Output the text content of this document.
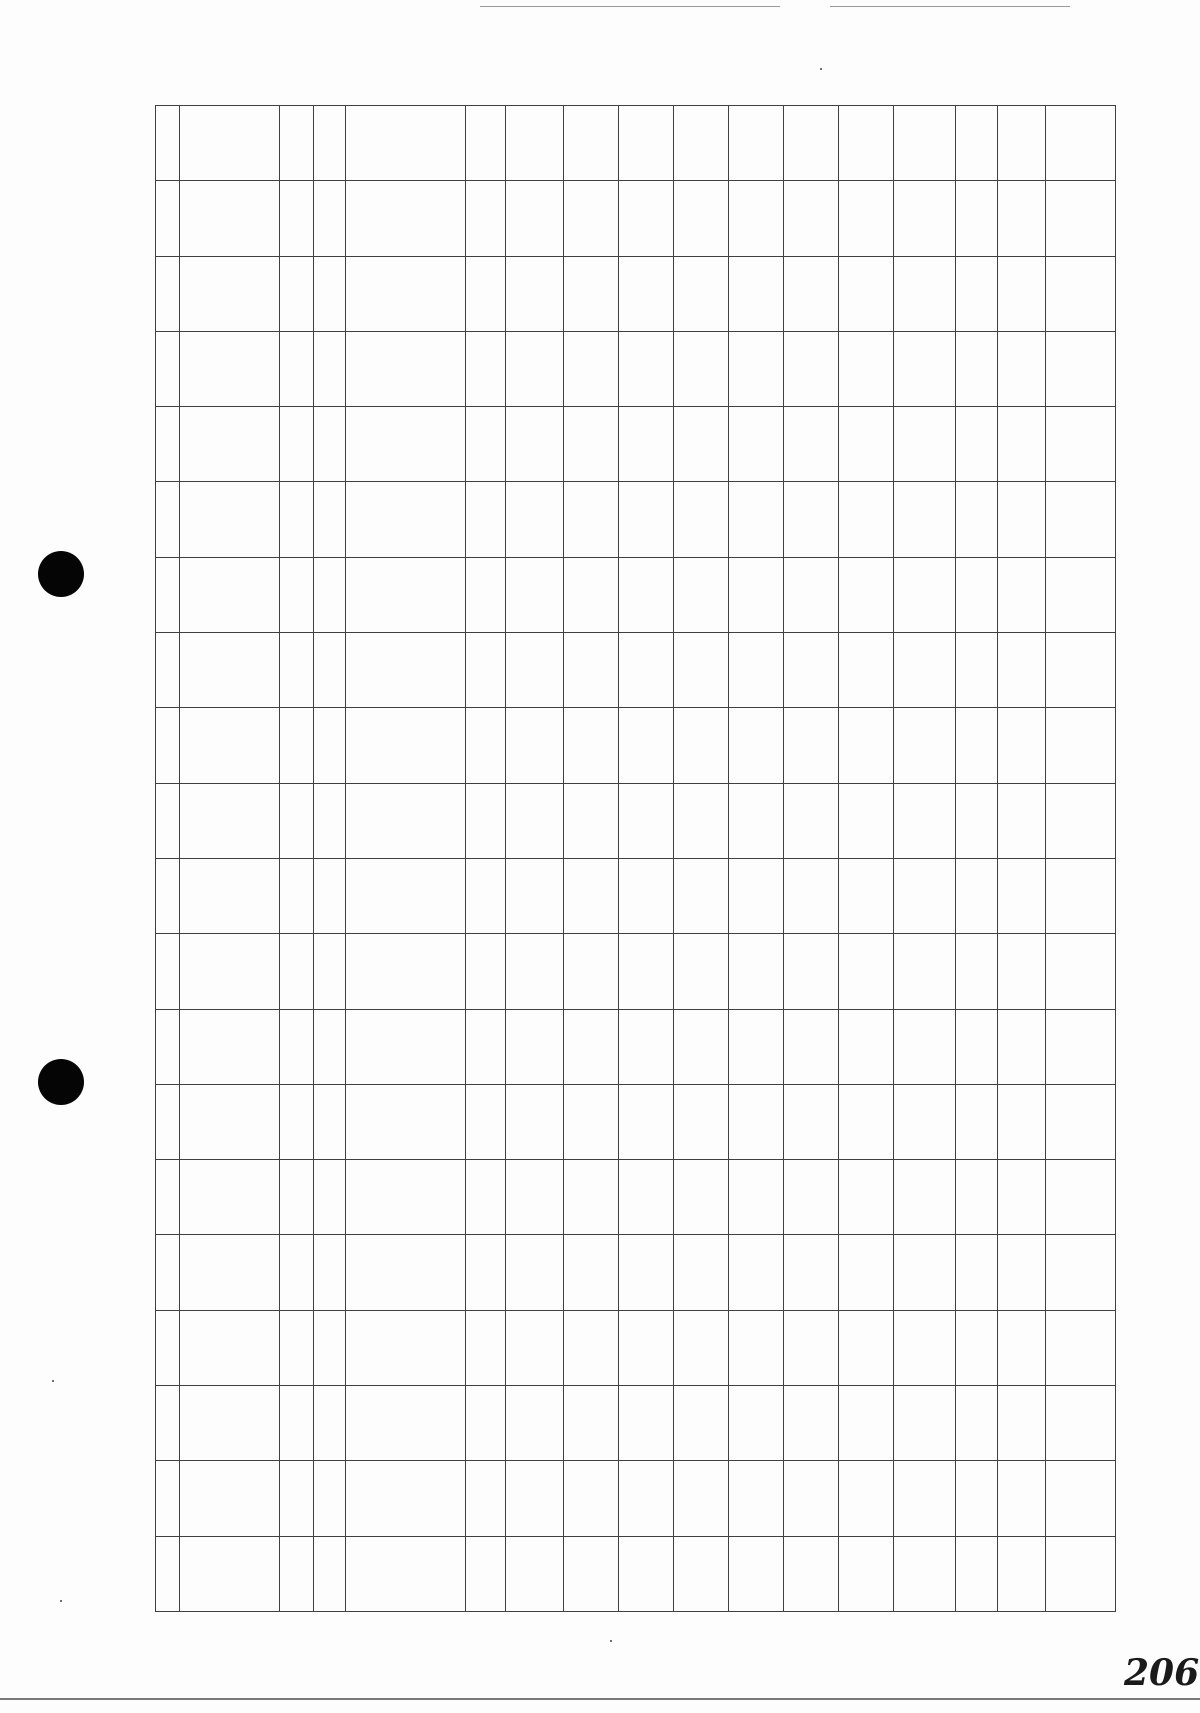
206
